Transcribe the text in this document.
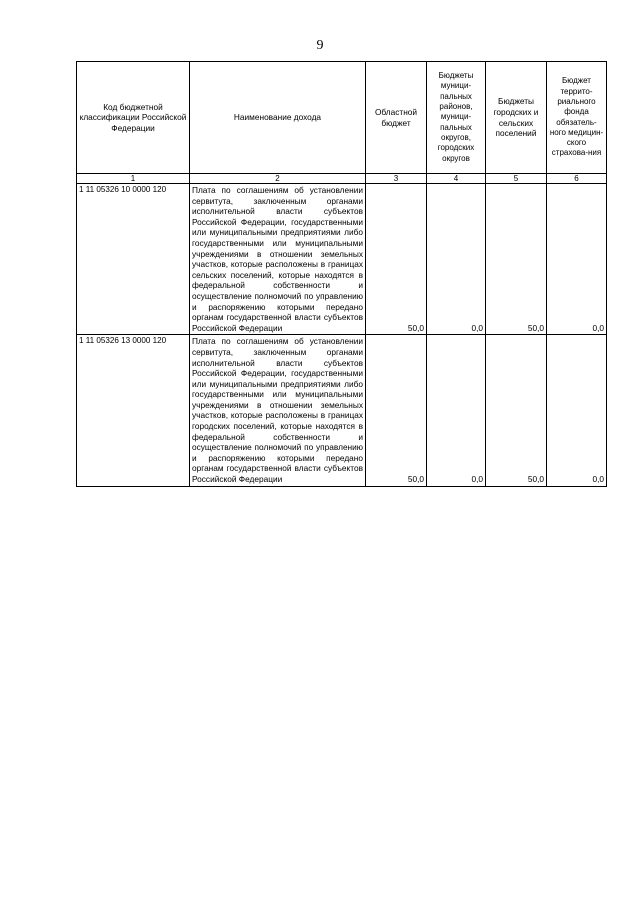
9
Код бюджетной классификации Российской Федерации	Наименование дохода	Областной бюджет	Бюджеты муници-пальных районов, муници-пальных округов, городских округов	Бюджеты городских и сельских поселений	Бюджет террито-риального фонда обязатель-ного медицин-ского страхова-ния
1	2	3	4	5	6
1 11 05326 10 0000 120	Плата по соглашениям об установлении сервитута, заключенным органами исполнительной власти субъектов Российской Федерации, государственными или муниципальными предприятиями либо государственными или муниципальными учреждениями в отношении земельных участков, которые расположены в границах сельских поселений, которые находятся в федеральной собственности и осуществление полномочий по управлению и распоряжению которыми передано органам государственной власти субъектов Российской Федерации	50,0	0,0	50,0	0,0
1 11 05326 13 0000 120	Плата по соглашениям об установлении сервитута, заключенным органами исполнительной власти субъектов Российской Федерации, государственными или муниципальными предприятиями либо государственными или муниципальными учреждениями в отношении земельных участков, которые расположены в границах городских поселений, которые находятся в федеральной собственности и осуществление полномочий по управлению и распоряжению которыми передано органам государственной власти субъектов Российской Федерации	50,0	0,0	50,0	0,0
